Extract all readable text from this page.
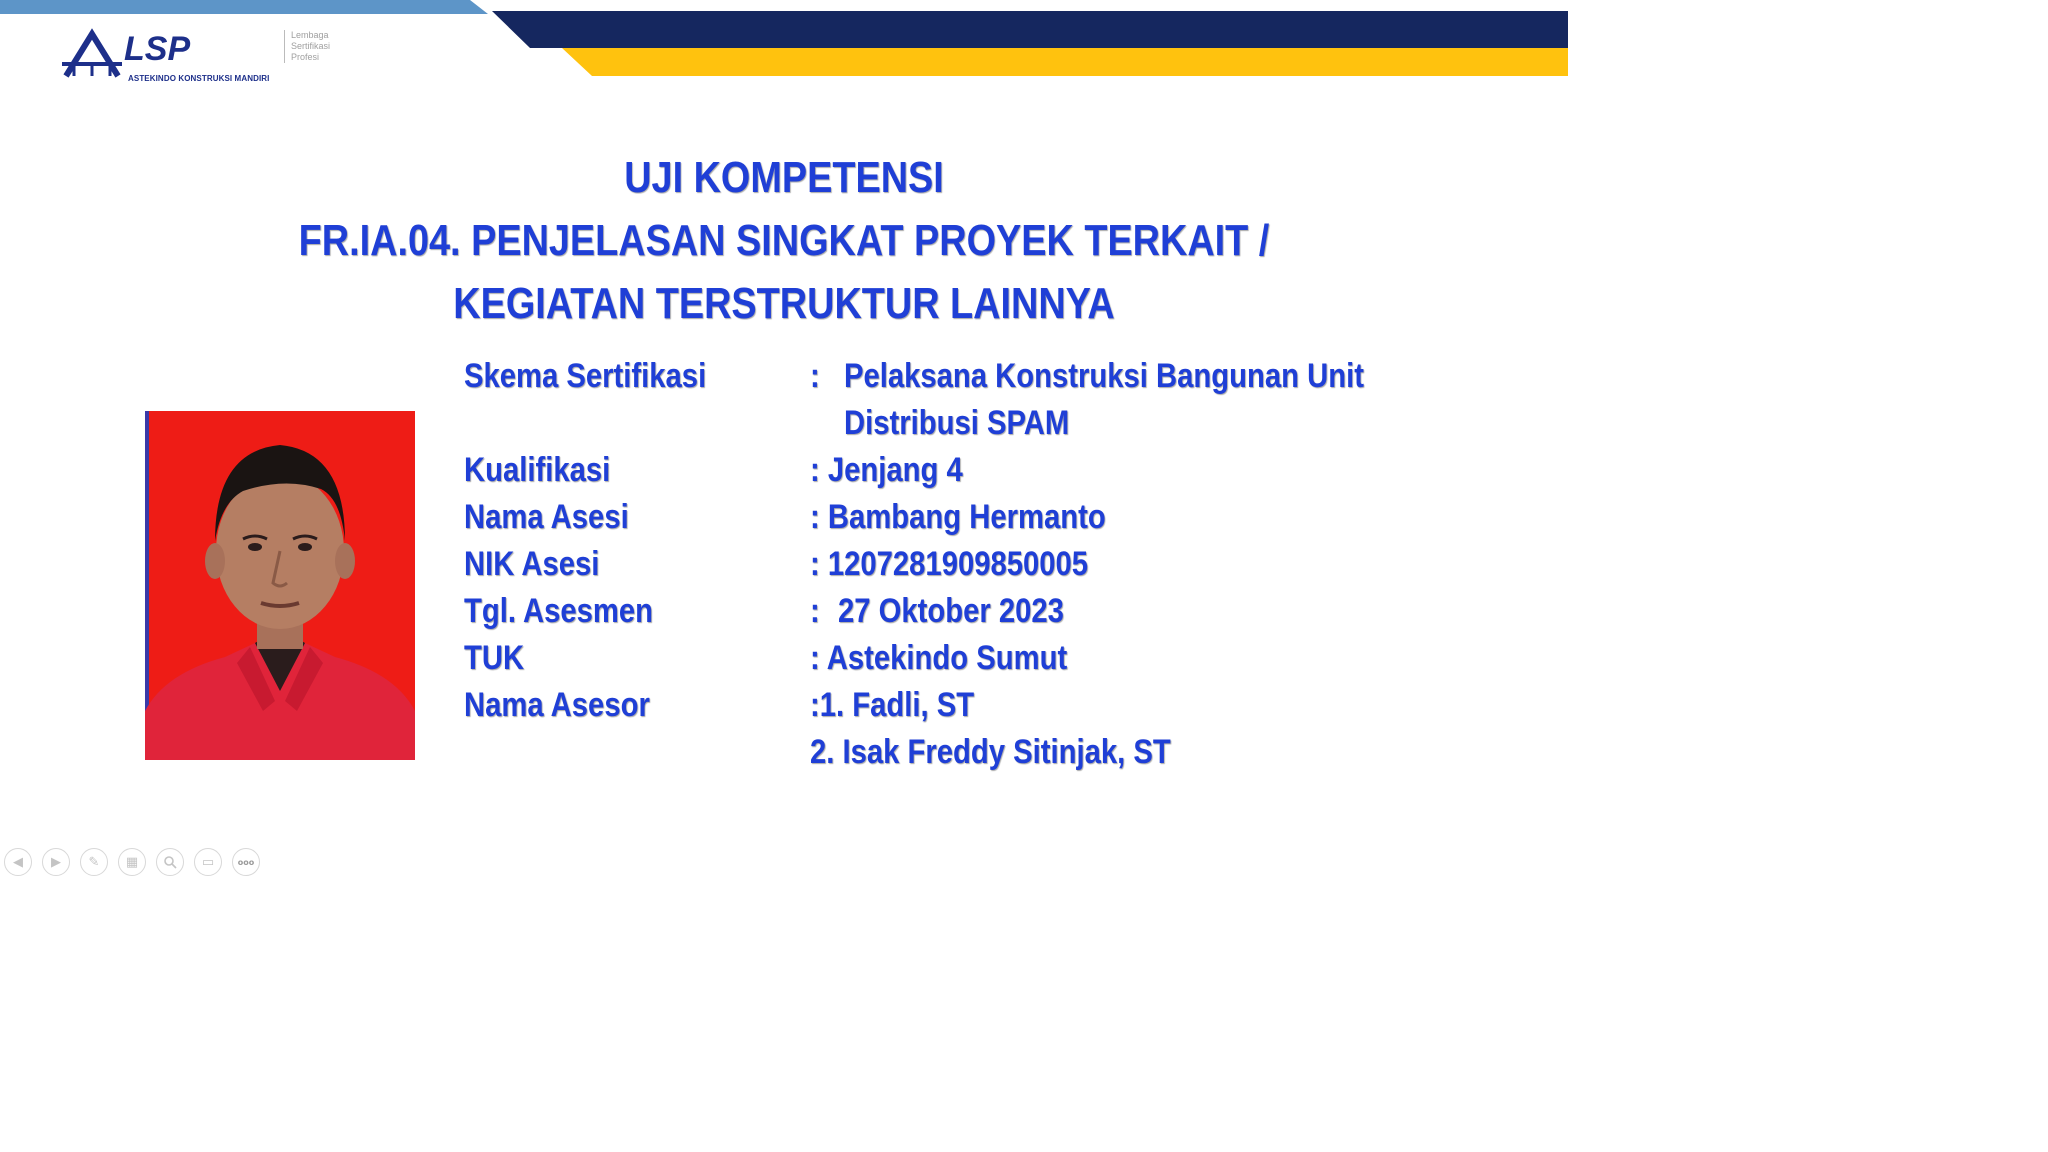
LSP	Lembaga
Sertifikasi
Profesi
ASTEKINDO KONSTRUKSI MANDIRI
UJI KOMPETENSI
FR.IA.04. PENJELASAN SINGKAT PROYEK TERKAIT /
KEGIATAN TERSTRUKTUR LAINNYA
Skema Sertifikasi	: Pelaksana Konstruksi Bangunan Unit
Distribusi SPAM
Kualifikasi	: Jenjang 4
Nama Asesi	: Bambang Hermanto
NIK Asesi	: 1207281909850005
Tgl. Asesmen	: 27 Oktober 2023
TUK	: Astekindo Sumut
Nama Asesor	:1. Fadli, ST
2. Isak Freddy Sitinjak, ST
◀ ▶ ✎ ▦	▭	ooo
